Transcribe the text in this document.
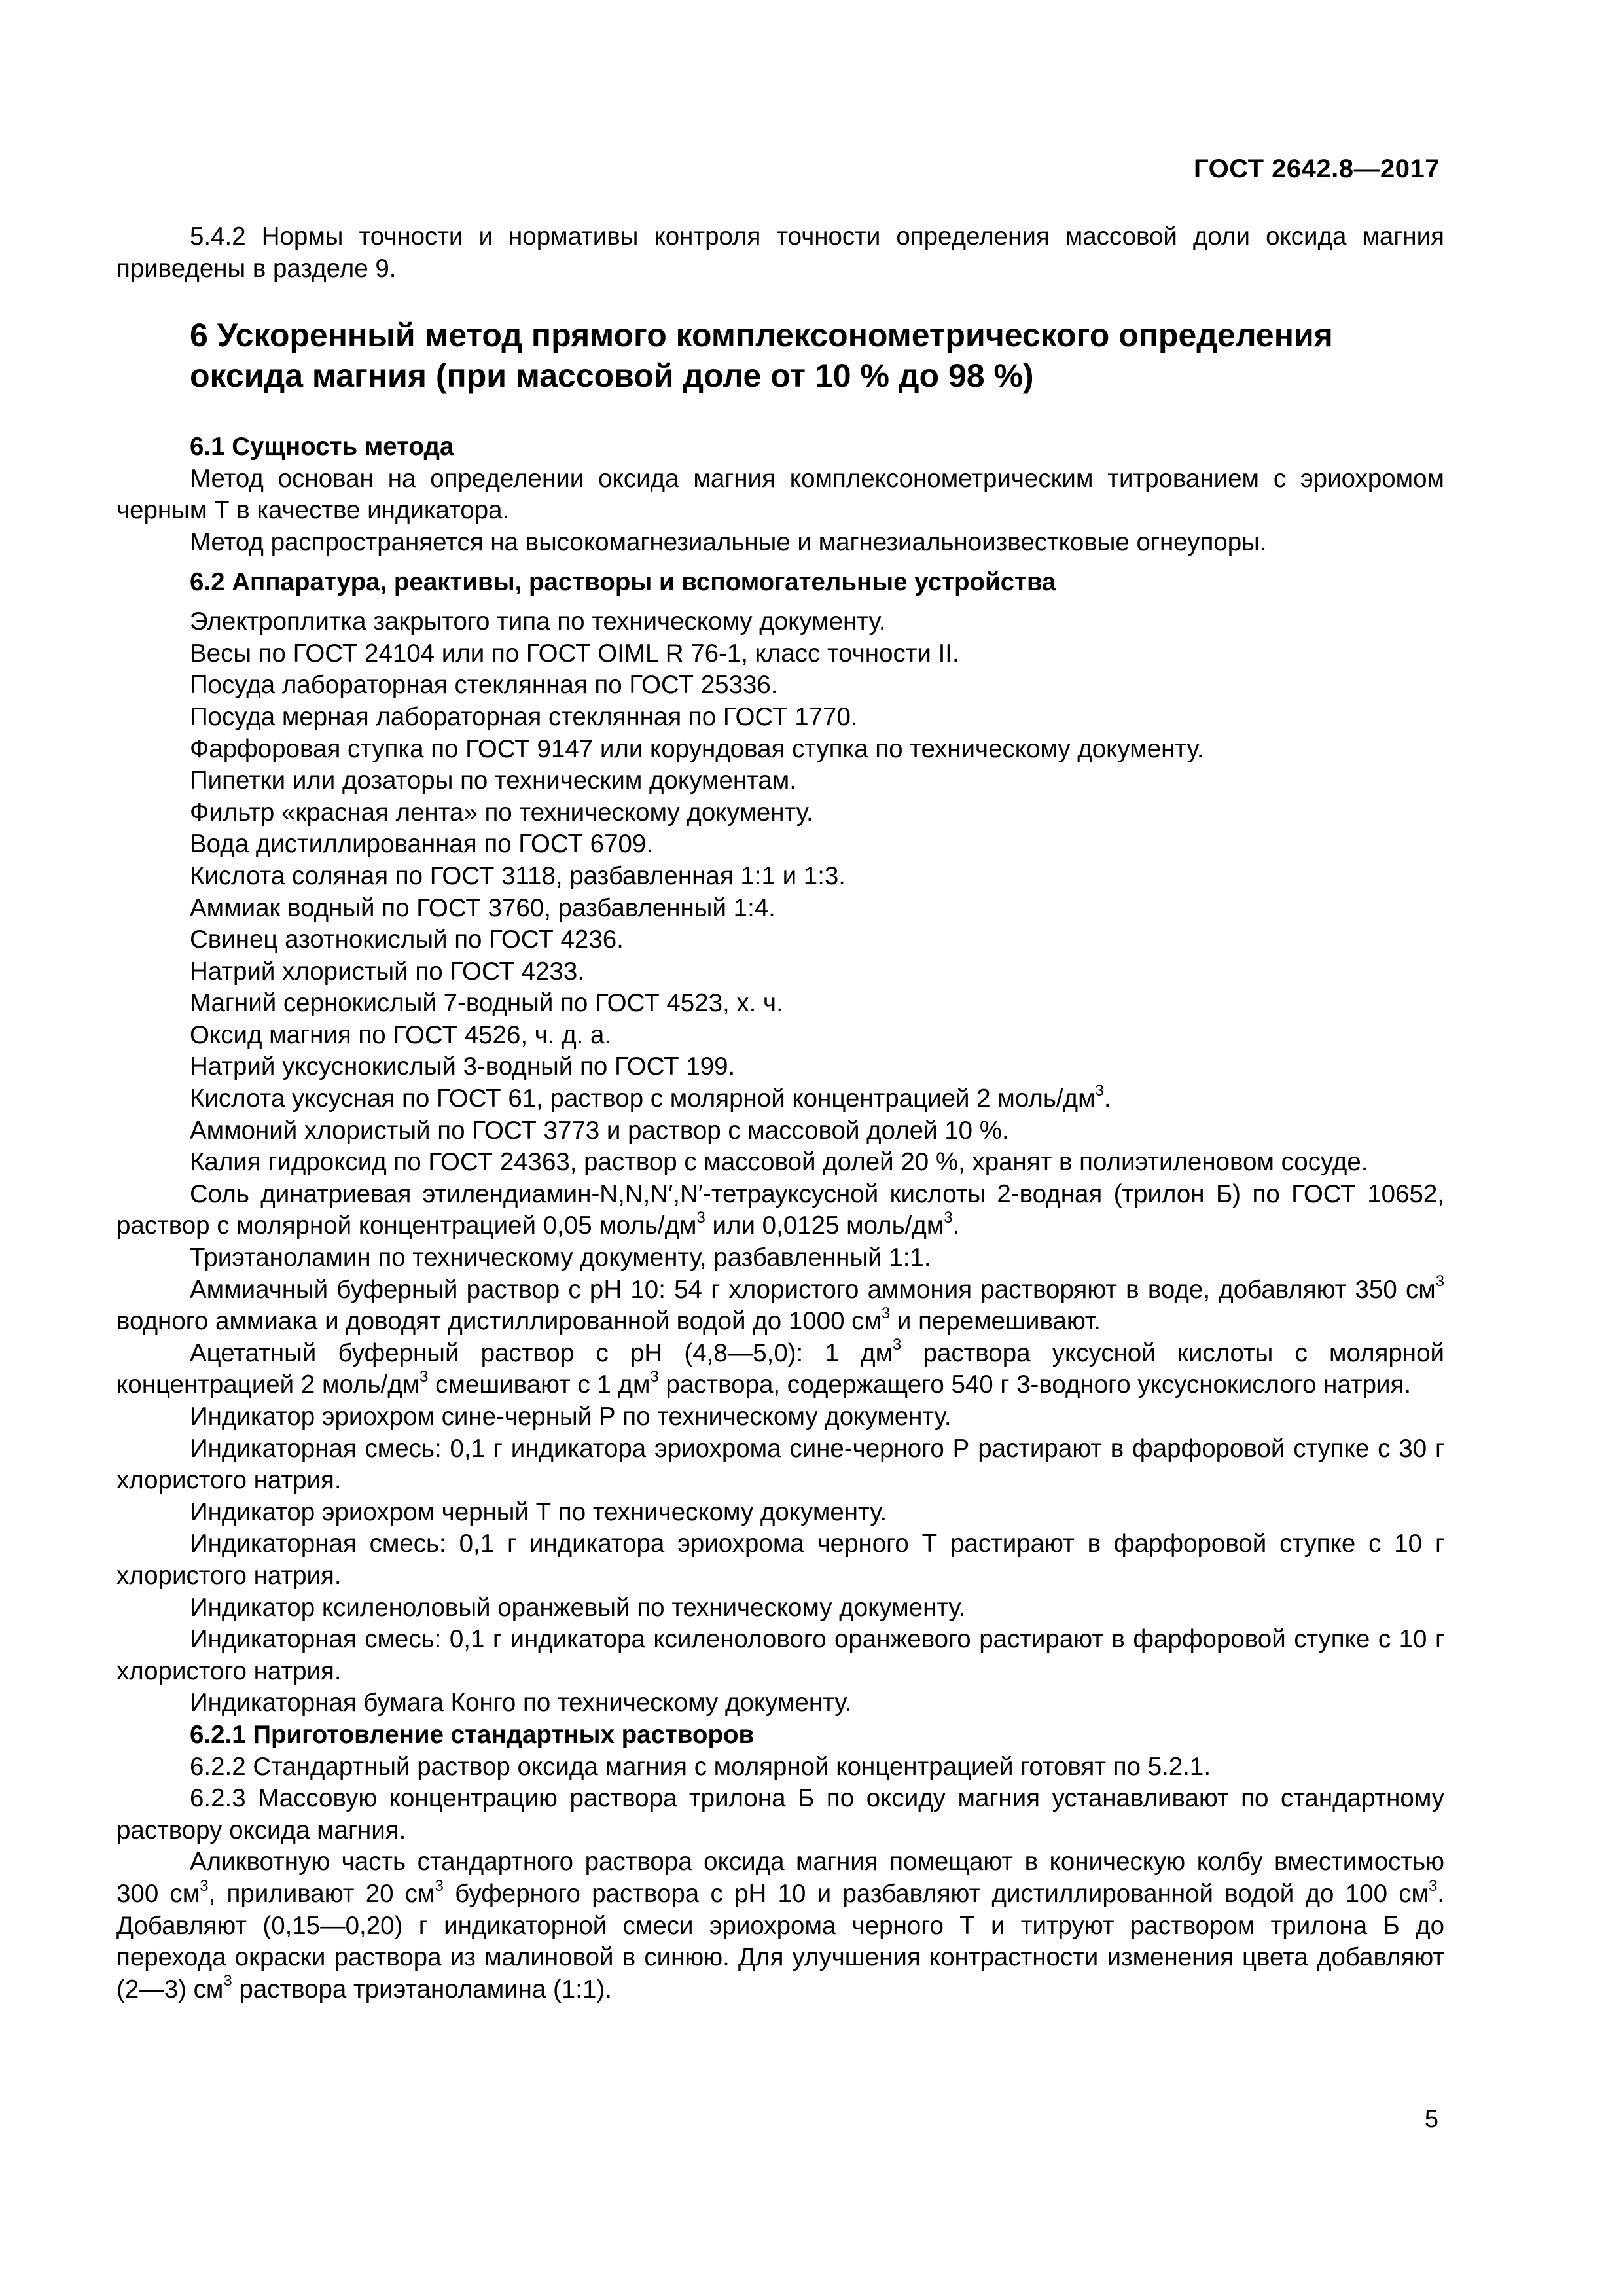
ГОСТ 2642.8—2017

5.4.2 Нормы точности и нормативы контроля точности определения массовой доли оксида магния приведены в разделе 9.

6 Ускоренный метод прямого комплексонометрического определения
оксида магния (при массовой доле от 10 % до 98 %)
6.1 Сущность метода

Метод основан на определении оксида магния комплексонометрическим титрованием с эриохромом черным Т в качестве индикатора.

Метод распространяется на высокомагнезиальные и магнезиальноизвестковые огнеупоры.

6.2 Аппаратура, реактивы, растворы и вспомогательные устройства

Электроплитка закрытого типа по техническому документу.

Весы по ГОСТ 24104 или по ГОСТ OIML R 76-1, класс точности II.

Посуда лабораторная стеклянная по ГОСТ 25336.

Посуда мерная лабораторная стеклянная по ГОСТ 1770.

Фарфоровая ступка по ГОСТ 9147 или корундовая ступка по техническому документу.

Пипетки или дозаторы по техническим документам.

Фильтр «красная лента» по техническому документу.

Вода дистиллированная по ГОСТ 6709.

Кислота соляная по ГОСТ 3118, разбавленная 1:1 и 1:3.

Аммиак водный по ГОСТ 3760, разбавленный 1:4.

Свинец азотнокислый по ГОСТ 4236.

Натрий хлористый по ГОСТ 4233.

Магний сернокислый 7-водный по ГОСТ 4523, х. ч.

Оксид магния по ГОСТ 4526, ч. д. а.

Натрий уксуснокислый 3-водный по ГОСТ 199.

Кислота уксусная по ГОСТ 61, раствор с молярной концентрацией 2 моль/$дм^3$.

Аммоний хлористый по ГОСТ 3773 и раствор с массовой долей 10 %.

Калия гидроксид по ГОСТ 24363, раствор с массовой долей 20 %, хранят в полиэтиленовом сосуде.

Соль динатриевая этилендиамин-N,N,N′,N′-тетрауксусной кислоты 2-водная (трилон Б) по ГОСТ 10652, раствор с молярной концентрацией 0,05 моль/$дм^3$ или 0,0125 моль/$дм^3$.

Триэтаноламин по техническому документу, разбавленный 1:1.

Аммиачный буферный раствор с pH 10: 54 г хлористого аммония растворяют в воде, добавляют 350 $см^3$ водного аммиака и доводят дистиллированной водой до 1000 $см^3$ и перемешивают.

Ацетатный буферный раствор с pH (4,8—5,0): 1 $дм^3$ раствора уксусной кислоты с молярной концентрацией 2 моль/$дм^3$ смешивают с 1 $дм^3$ раствора, содержащего 540 г 3-водного уксуснокислого натрия.

Индикатор эриохром сине-черный Р по техническому документу.

Индикаторная смесь: 0,1 г индикатора эриохрома сине-черного Р растирают в фарфоровой ступке с 30 г хлористого натрия.

Индикатор эриохром черный Т по техническому документу.

Индикаторная смесь: 0,1 г индикатора эриохрома черного Т растирают в фарфоровой ступке с 10 г хлористого натрия.

Индикатор ксиленоловый оранжевый по техническому документу.

Индикаторная смесь: 0,1 г индикатора ксиленолового оранжевого растирают в фарфоровой ступке с 10 г хлористого натрия.

Индикаторная бумага Конго по техническому документу.

6.2.1 Приготовление стандартных растворов

6.2.2 Стандартный раствор оксида магния с молярной концентрацией готовят по 5.2.1.

6.2.3 Массовую концентрацию раствора трилона Б по оксиду магния устанавливают по стандартному раствору оксида магния.

Аликвотную часть стандартного раствора оксида магния помещают в коническую колбу вместимостью 300 $см^3$, приливают 20 $см^3$ буферного раствора с pH 10 и разбавляют дистиллированной водой до 100 $см^3$. Добавляют (0,15—0,20) г индикаторной смеси эриохрома черного Т и титруют раствором трилона Б до перехода окраски раствора из малиновой в синюю. Для улучшения контрастности изменения цвета добавляют (2—3) $см^3$ раствора триэтаноламина (1:1).

5
